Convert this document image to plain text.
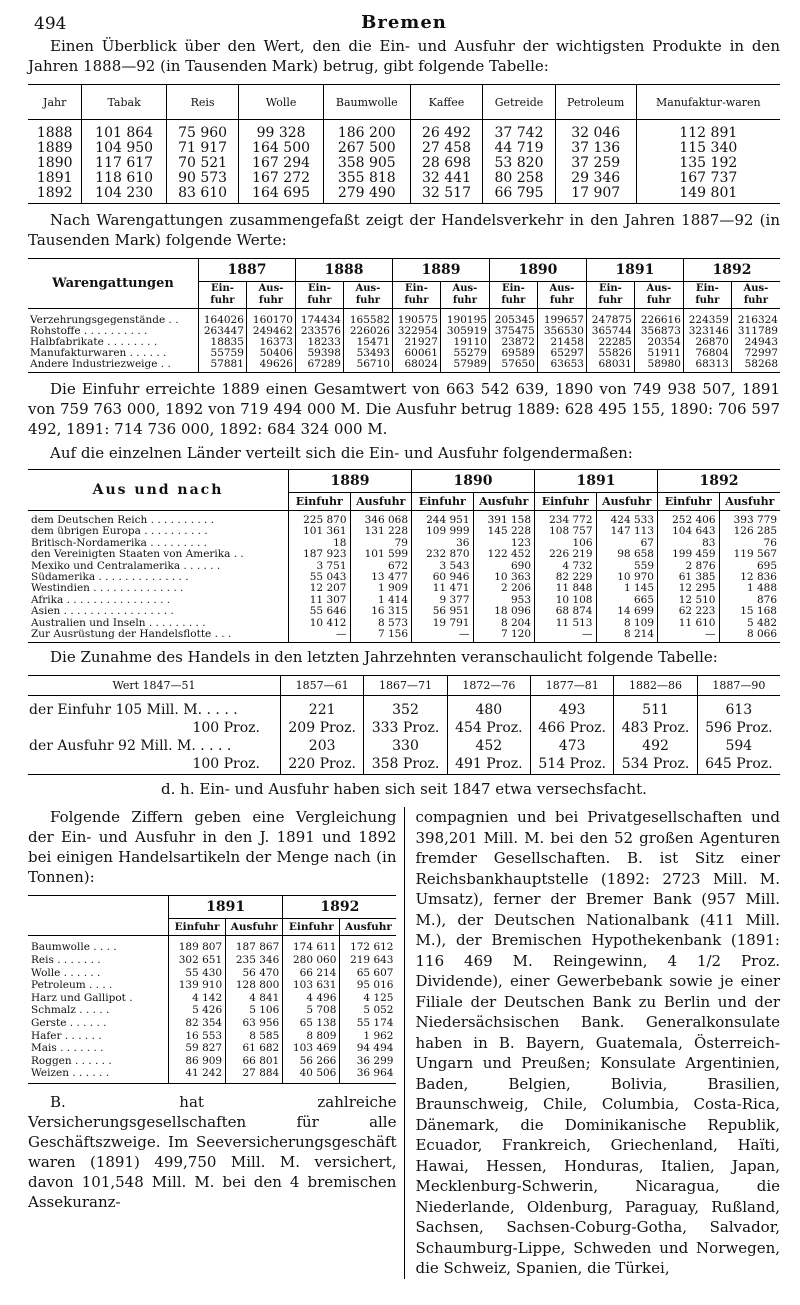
494	Bremen

Einen Überblick über den Wert, den die Ein- und Ausfuhr der wichtigsten Produkte in den Jahren 1888—92 (in Tausenden Mark) betrug, gibt folgende Tabelle:

Jahr	Tabak	Reis	Wolle	Baumwolle	Kaffee	Getreide	Petroleum	Manufaktur-waren
1888	101 864	75 960	99 328	186 200	26 492	37 742	32 046	112 891
1889	104 950	71 917	164 500	267 500	27 458	44 719	37 136	115 340
1890	117 617	70 521	167 294	358 905	28 698	53 820	37 259	135 192
1891	118 610	90 573	167 272	355 818	32 441	80 258	29 346	167 737
1892	104 230	83 610	164 695	279 490	32 517	66 795	17 907	149 801

Nach Warengattungen zusammengefaßt zeigt der Handelsverkehr in den Jahren 1887—92 (in Tausenden Mark) folgende Werte:

Warengattungen	1887		1888		1889		1890		1891		1892	
	Ein-fuhr	Aus-fuhr	Ein-fuhr	Aus-fuhr	Ein-fuhr	Aus-fuhr	Ein-fuhr	Aus-fuhr	Ein-fuhr	Aus-fuhr	Ein-fuhr	Aus-fuhr
Verzehrungsgegenstände . .	164026	160170	174434	165582	190575	190195	205345	199657	247875	226616	224359	216324
Rohstoffe . . . . . . . . . .	263447	249462	233576	226026	322954	305919	375475	356530	365744	356873	323146	311789
Halbfabrikate . . . . . . . .	18835	16373	18233	15471	21927	19110	23872	21458	22285	20354	26870	24943
Manufakturwaren . . . . . .	55759	50406	59398	53493	60061	55279	69589	65297	55826	51911	76804	72997
Andere Industriezweige . .	57881	49626	67289	56710	68024	57989	57650	63653	68031	58980	68313	58268

Die Einfuhr erreichte 1889 einen Gesamtwert von 663 542 639, 1890 von 749 938 507, 1891 von 759 763 000, 1892 von 719 494 000 M. Die Ausfuhr betrug 1889: 628 495 155, 1890: 706 597 492, 1891: 714 736 000, 1892: 684 324 000 M.

Auf die einzelnen Länder verteilt sich die Ein- und Ausfuhr folgendermaßen:

Aus und nach	1889		1890		1891		1892	
	Einfuhr	Ausfuhr	Einfuhr	Ausfuhr	Einfuhr	Ausfuhr	Einfuhr	Ausfuhr
dem Deutschen Reich . . . . . . . . . .	225 870	346 068	244 951	391 158	234 772	424 533	252 406	393 779
dem übrigen Europa . . . . . . . . . .	101 361	131 228	109 999	145 228	108 757	147 113	104 643	126 285
Britisch-Nordamerika . . . . . . . . .	18	79	36	123	106	67	83	76
den Vereinigten Staaten von Amerika . .	187 923	101 599	232 870	122 452	226 219	98 658	199 459	119 567
Mexiko und Centralamerika . . . . . .	3 751	672	3 543	690	4 732	559	2 876	695
Südamerika . . . . . . . . . . . . . .	55 043	13 477	60 946	10 363	82 229	10 970	61 385	12 836
Westindien . . . . . . . . . . . . . .	12 207	1 909	11 471	2 206	11 848	1 145	12 295	1 488
Afrika . . . . . . . . . . . . . . . .	11 307	1 414	9 377	953	10 108	665	12 510	876
Asien . . . . . . . . . . . . . . . . .	55 646	16 315	56 951	18 096	68 874	14 699	62 223	15 168
Australien und Inseln . . . . . . . . .	10 412	8 573	19 791	8 204	11 513	8 109	11 610	5 482
Zur Ausrüstung der Handelsflotte . . .	—	7 156	—	7 120	—	8 214	—	8 066

Die Zunahme des Handels in den letzten Jahrzehnten veranschaulicht folgende Tabelle:

Wert 1847—51	1857—61	1867—71	1872—76	1877—81	1882—86	1887—90
der Einfuhr 105 Mill. M. . . . .	221	352	480	493	511	613
100 Proz.	209 Proz.	333 Proz.	454 Proz.	466 Proz.	483 Proz.	596 Proz.
der Ausfuhr 92 Mill. M. . . . .	203	330	452	473	492	594
100 Proz.	220 Proz.	358 Proz.	491 Proz.	514 Proz.	534 Proz.	645 Proz.

d. h. Ein- und Ausfuhr haben sich seit 1847 etwa versechsfacht.

Folgende Ziffern geben eine Vergleichung der Ein- und Ausfuhr in den J. 1891 und 1892 bei einigen Handelsartikeln der Menge nach (in Tonnen):

	1891		1892	
	Einfuhr	Ausfuhr	Einfuhr	Ausfuhr
Baumwolle . . . .	189 807	187 867	174 611	172 612
Reis . . . . . . .	302 651	235 346	280 060	219 643
Wolle . . . . . .	55 430	56 470	66 214	65 607
Petroleum . . . .	139 910	128 800	103 631	95 016
Harz und Gallipot .	4 142	4 841	4 496	4 125
Schmalz . . . . .	5 426	5 106	5 708	5 052
Gerste . . . . . .	82 354	63 956	65 138	55 174
Hafer . . . . . .	16 553	8 585	8 809	1 962
Mais . . . . . . .	59 827	61 682	103 469	94 494
Roggen . . . . . .	86 909	66 801	56 266	36 299
Weizen . . . . . .	41 242	27 884	40 506	36 964

B. hat zahlreiche Versicherungsgesellschaften für alle Geschäftszweige. Im Seeversicherungsgeschäft waren (1891) 499,750 Mill. M. versichert, davon 101,548 Mill. M. bei den 4 bremischen Assekuranz-

compagnien und bei Privatgesellschaften und 398,201 Mill. M. bei den 52 großen Agenturen fremder Gesellschaften. B. ist Sitz einer Reichsbankhauptstelle (1892: 2723 Mill. M. Umsatz), ferner der Bremer Bank (957 Mill. M.), der Deutschen Nationalbank (411 Mill. M.), der Bremischen Hypothekenbank (1891: 116 469 M. Reingewinn, 4 1/2 Proz. Dividende), einer Gewerbebank sowie je einer Filiale der Deutschen Bank zu Berlin und der Niedersächsischen Bank. Generalkonsulate haben in B. Bayern, Guatemala, Österreich-Ungarn und Preußen; Konsulate Argentinien, Baden, Belgien, Bolivia, Brasilien, Braunschweig, Chile, Columbia, Costa-Rica, Dänemark, die Dominikanische Republik, Ecuador, Frankreich, Griechenland, Haïti, Hawai, Hessen, Honduras, Italien, Japan, Mecklenburg-Schwerin, Nicaragua, die Niederlande, Oldenburg, Paraguay, Rußland, Sachsen, Sachsen-Coburg-Gotha, Salvador, Schaumburg-Lippe, Schweden und Norwegen, die Schweiz, Spanien, die Türkei,
